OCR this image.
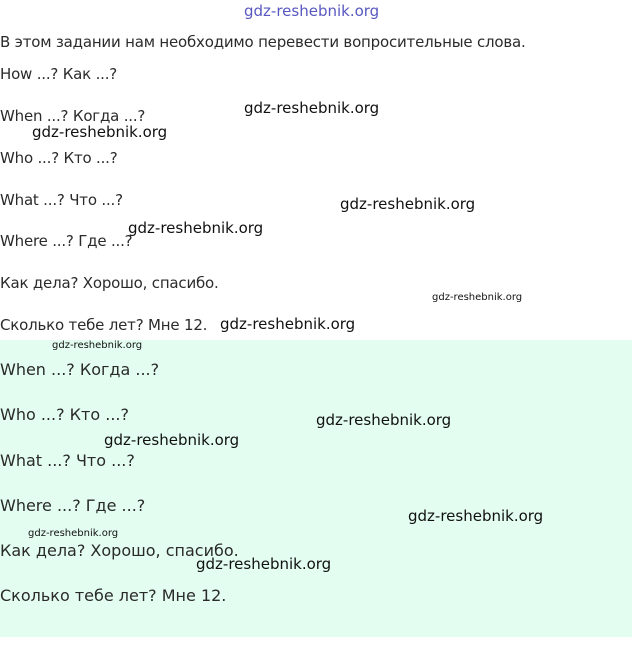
gdz-reshebnik.org
В этом задании нам необходимо перевести вопросительные слова.
How ...? Как ...?
When ...? Когда ...?
Who ...? Кто ...?
What ...? Что ...?
Where ...? Где ...?
Как дела? Хорошо, спасибо.
Сколько тебе лет? Мне 12.
When ...? Когда ...?
Who ...? Кто ...?
What ...? Что ...?
Where ...? Где ...?
Как дела? Хорошо, спасибо.
Сколько тебе лет? Мне 12.
gdz-reshebnik.org
gdz-reshebnik.org
gdz-reshebnik.org
gdz-reshebnik.org
gdz-reshebnik.org
gdz-reshebnik.org
gdz-reshebnik.org
gdz-reshebnik.org
gdz-reshebnik.org
gdz-reshebnik.org
gdz-reshebnik.org
gdz-reshebnik.org
